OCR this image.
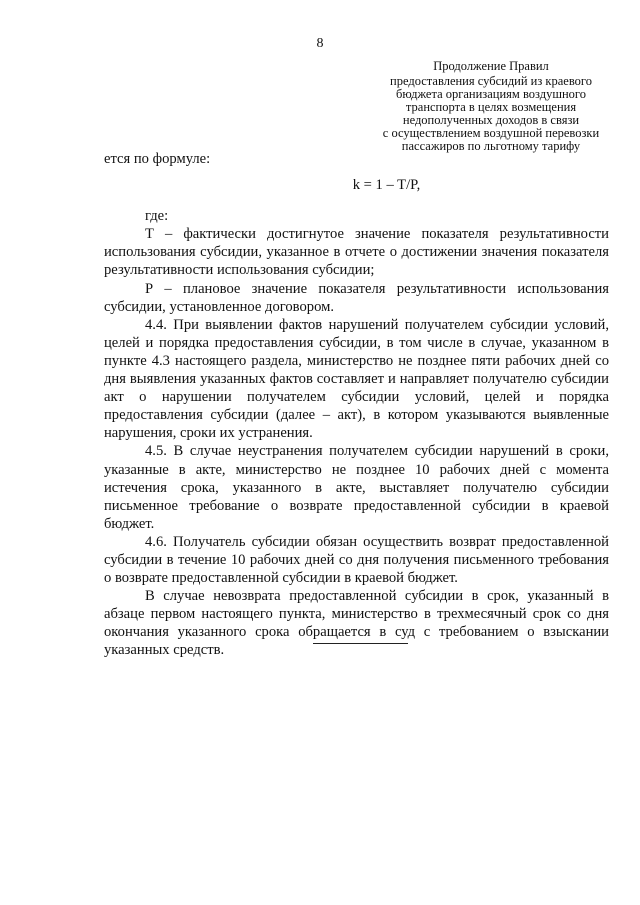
8
Продолжение Правил
предоставления субсидий из краевого
бюджета организациям воздушного
транспорта в целях возмещения
недополученных доходов в связи
с осуществлением воздушной перевозки
пассажиров по льготному тарифу

ется по формуле:

k = 1 – T/P,

где:

Т – фактически достигнутое значение показателя результативности использования субсидии, указанное в отчете о достижении значения показателя результативности использования субсидии;

Р – плановое значение показателя результативности использования субсидии, установленное договором.

4.4. При выявлении фактов нарушений получателем субсидии условий, целей и порядка предоставления субсидии, в том числе в случае, указанном в пункте 4.3 настоящего раздела, министерство не позднее пяти рабочих дней со дня выявления указанных фактов составляет и направляет получателю субсидии акт о нарушении получателем субсидии условий, целей и порядка предоставления субсидии (далее – акт), в котором указываются выявленные нарушения, сроки их устранения.

4.5. В случае неустранения получателем субсидии нарушений в сроки, указанные в акте, министерство не позднее 10 рабочих дней с момента истечения срока, указанного в акте, выставляет получателю субсидии письменное требование о возврате предоставленной субсидии в краевой бюджет.

4.6. Получатель субсидии обязан осуществить возврат предоставленной субсидии в течение 10 рабочих дней со дня получения письменного требования о возврате предоставленной субсидии в краевой бюджет.

В случае невозврата предоставленной субсидии в срок, указанный в абзаце первом настоящего пункта, министерство в трехмесячный срок со дня окончания указанного срока обращается в суд с требованием о взыскании указанных средств.
